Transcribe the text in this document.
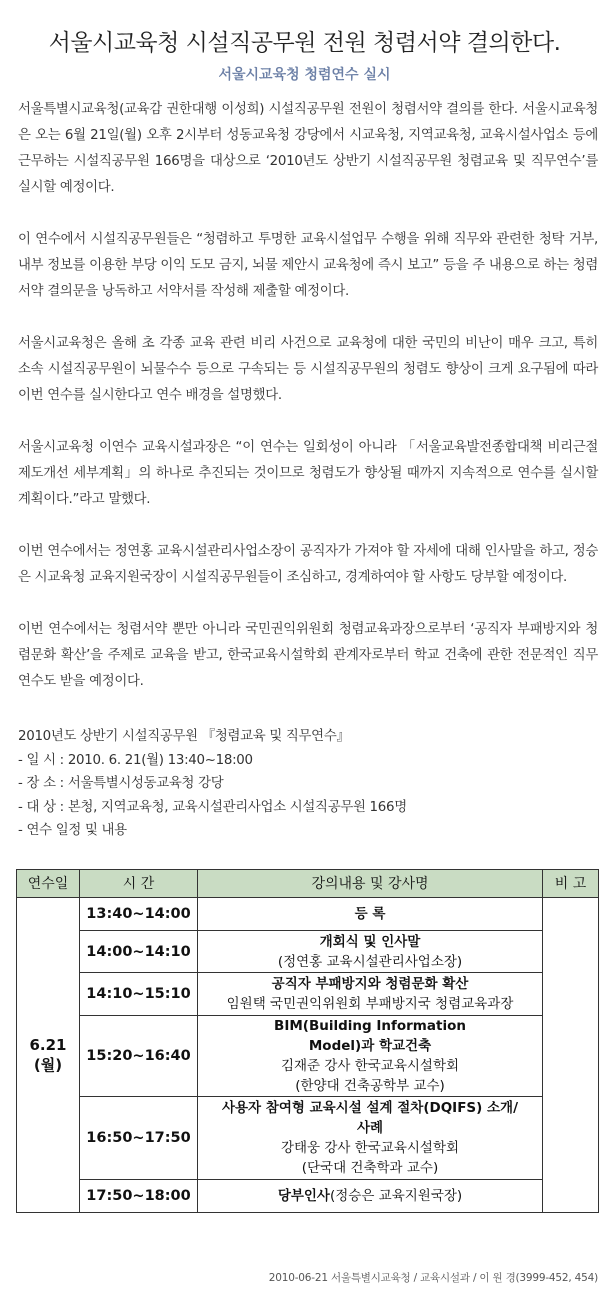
서울시교육청 시설직공무원 전원 청렴서약 결의한다.
서울시교육청 청렴연수 실시

서울특별시교육청(교육감 권한대행 이성희) 시설직공무원 전원이 청렴서약 결의를 한다. 서울시교육청은 오는 6월 21일(월) 오후 2시부터 성동교육청 강당에서 시교육청, 지역교육청, 교육시설사업소 등에 근무하는 시설직공무원 166명을 대상으로 ‘2010년도 상반기 시설직공무원 청렴교육 및 직무연수’를 실시할 예정이다.

이 연수에서 시설직공무원들은 “청렴하고 투명한 교육시설업무 수행을 위해 직무와 관련한 청탁 거부, 내부 정보를 이용한 부당 이익 도모 금지, 뇌물 제안시 교육청에 즉시 보고” 등을 주 내용으로 하는 청렴서약 결의문을 낭독하고 서약서를 작성해 제출할 예정이다.

서울시교육청은 올해 초 각종 교육 관련 비리 사건으로 교육청에 대한 국민의 비난이 매우 크고, 특히 소속 시설직공무원이 뇌물수수 등으로 구속되는 등 시설직공무원의 청렴도 향상이 크게 요구됨에 따라 이번 연수를 실시한다고 연수 배경을 설명했다.

서울시교육청 이연수 교육시설과장은 “이 연수는 일회성이 아니라 「서울교육발전종합대책 비리근절 제도개선 세부계획」의 하나로 추진되는 것이므로 청렴도가 향상될 때까지 지속적으로 연수를 실시할 계획이다.”라고 말했다.

이번 연수에서는 정연홍 교육시설관리사업소장이 공직자가 가져야 할 자세에 대해 인사말을 하고, 정승은 시교육청 교육지원국장이 시설직공무원들이 조심하고, 경계하여야 할 사항도 당부할 예정이다.

이번 연수에서는 청렴서약 뿐만 아니라 국민권익위원회 청렴교육과장으로부터 ‘공직자 부패방지와 청렴문화 확산’을 주제로 교육을 받고, 한국교육시설학회 관계자로부터 학교 건축에 관한 전문적인 직무연수도 받을 예정이다.

2010년도 상반기 시설직공무원 『청렴교육 및 직무연수』
- 일 시 : 2010. 6. 21(월) 13:40~18:00
- 장 소 : 서울특별시성동교육청 강당
- 대 상 : 본청, 지역교육청, 교육시설관리사업소 시설직공무원 166명
- 연수 일정 및 내용
연수일	시 간	강의내용 및 강사명	비 고

6.21
(월)	13:40~14:00	등 록	

	14:00~14:10	개회식 및 인사말
(정연홍 교육시설관리사업소장)	

	14:10~15:10	공직자 부패방지와 청렴문화 확산
임원택 국민권익위원회 부패방지국 청렴교육과장	

	15:20~16:40	BIM(Building Information Model)과 학교건축
김재준 강사 한국교육시설학회
(한양대 건축공학부 교수)	

	16:50~17:50	사용자 참여형 교육시설 설계 절차(DQIFS) 소개/사례
강태웅 강사 한국교육시설학회
(단국대 건축학과 교수)	

	17:50~18:00	당부인사(정승은 교육지원국장)	
2010-06-21 서울특별시교육청 / 교육시설과 / 이 원 경(3999-452, 454)
